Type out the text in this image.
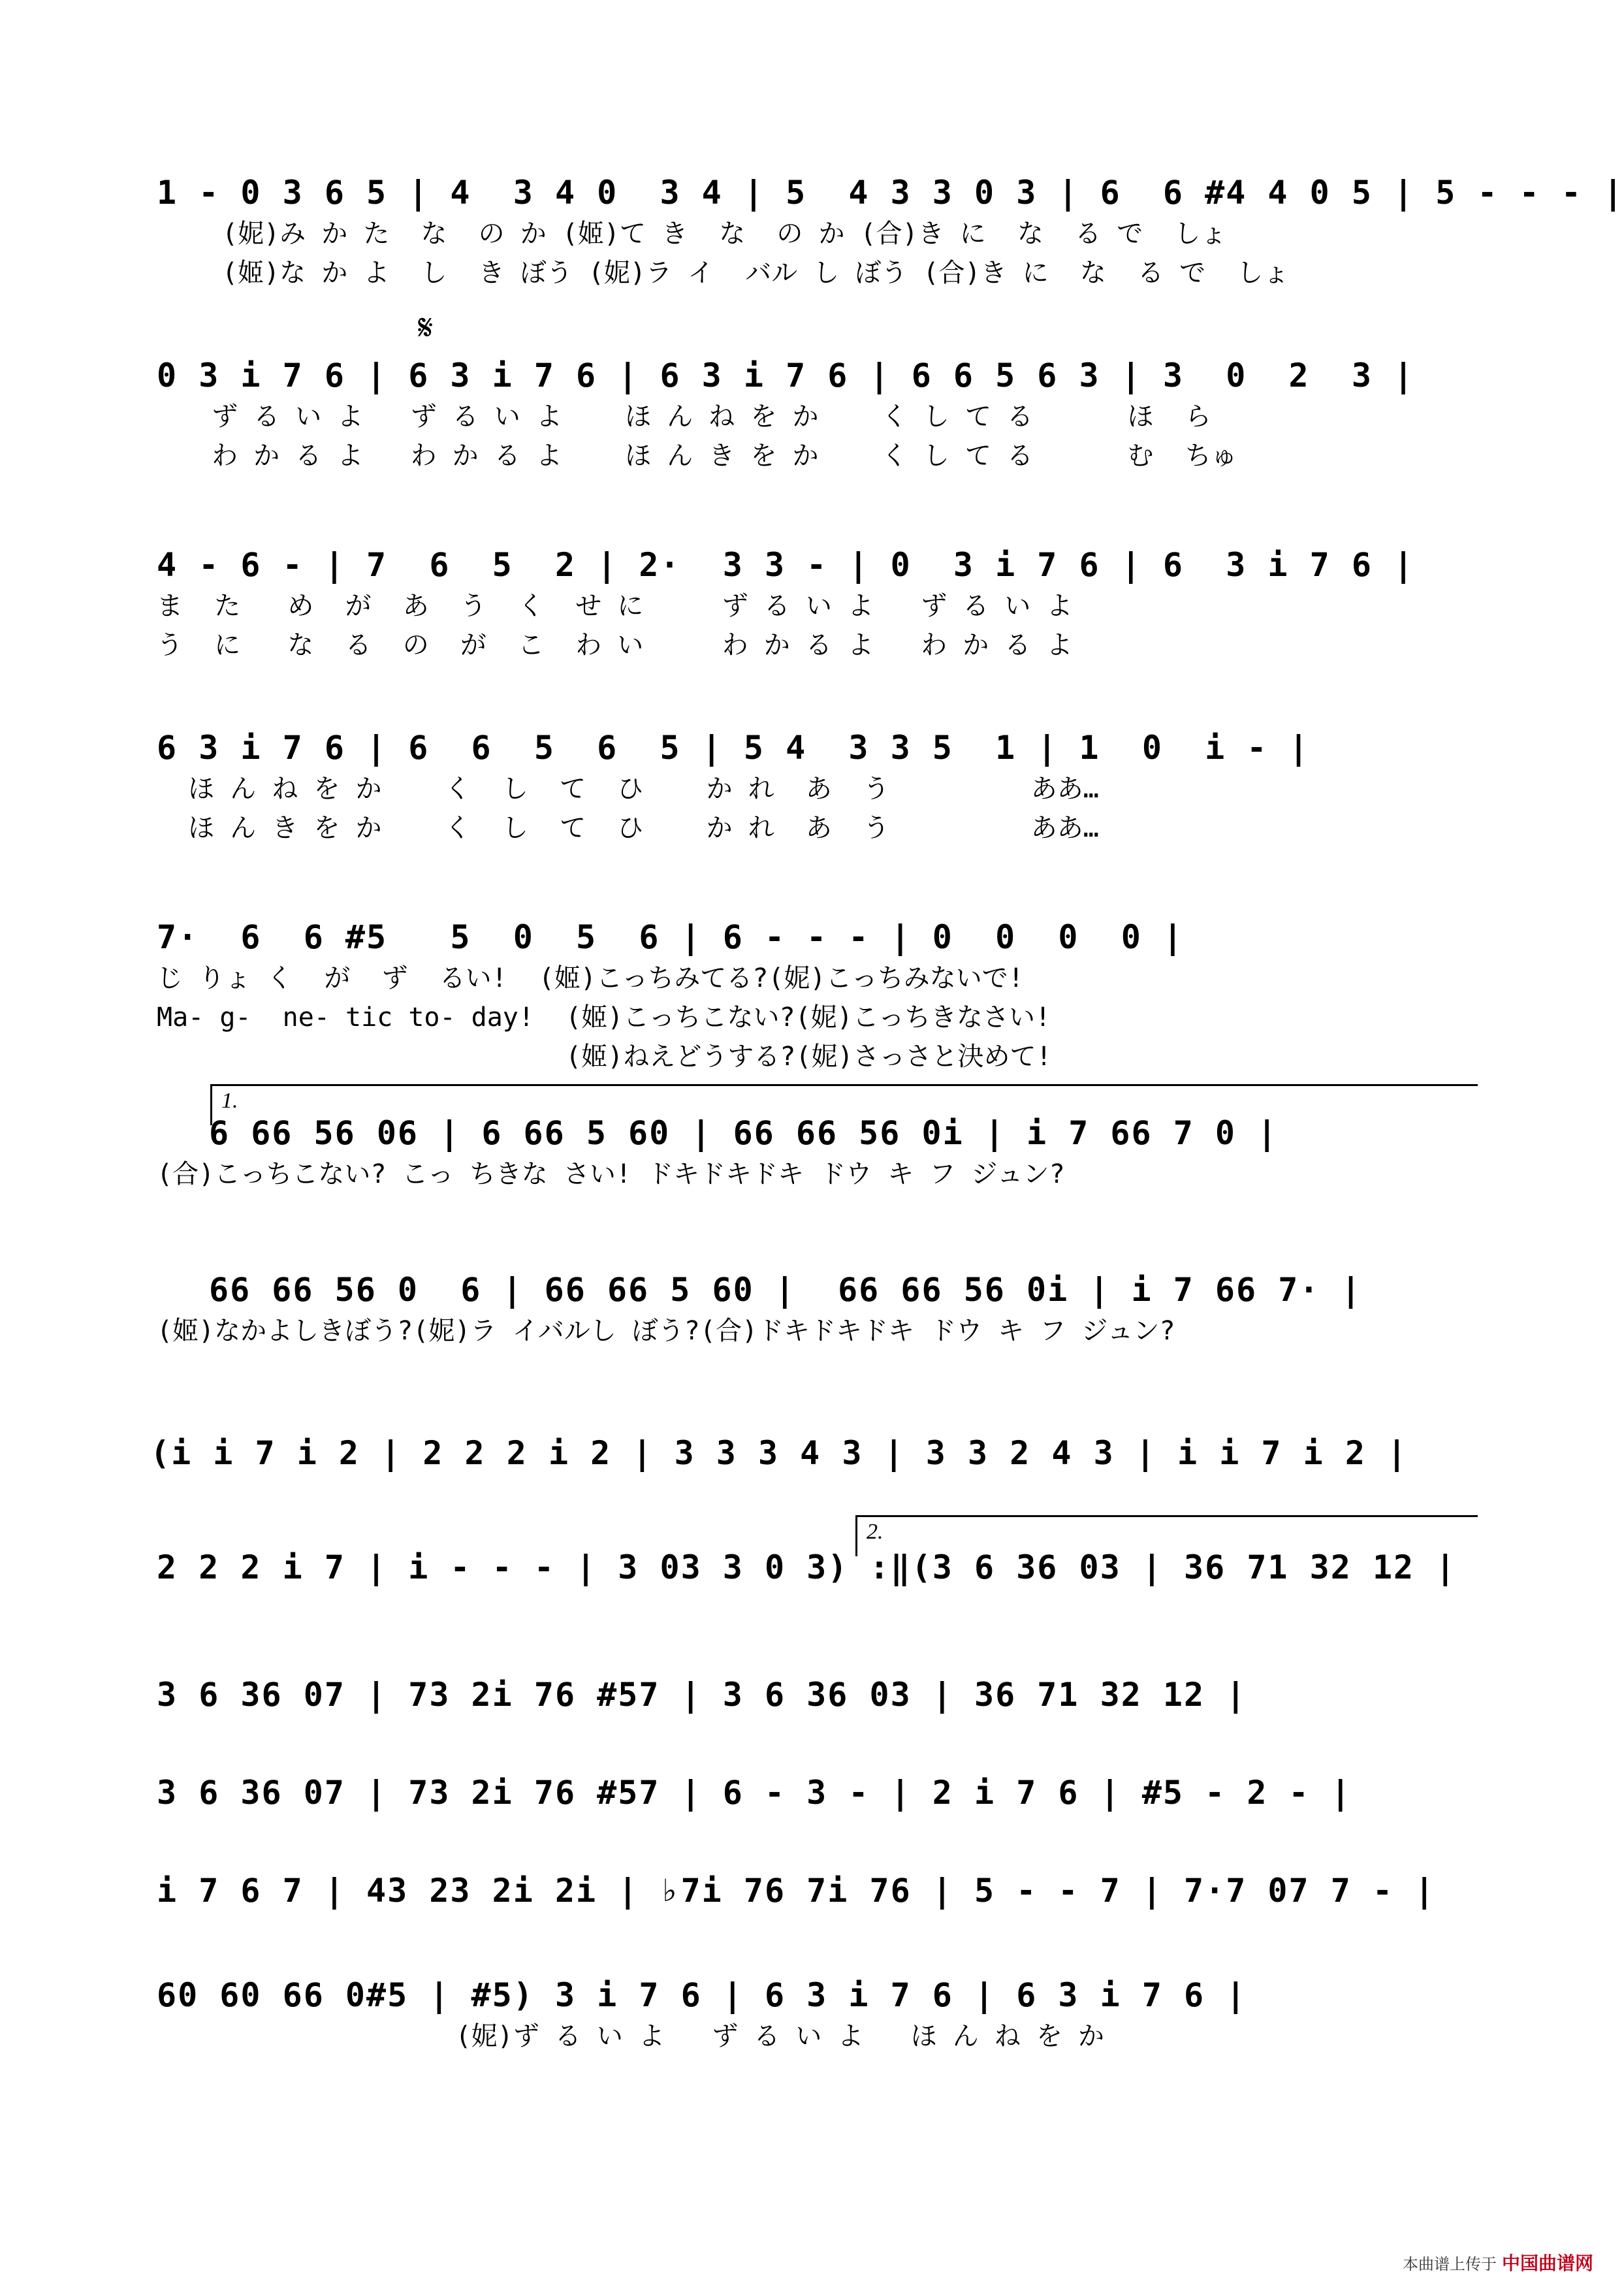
1 - 0 3 6 5 | 4  3 4 0  3 4 | 5  4 3 3 0 3 | 6  6 #4 4 0 5 | 5 - - - |
(妮)み か た  な  の か (姬)て き  な  の か (合)き に  な  る で  しょ
(姬)な か よ  し  き ぼう (妮)ラ イ  バル し ぼう (合)き に  な  る で  しょ
𝄋
0 3 i 7 6 | 6 3 i 7 6 | 6 3 i 7 6 | 6 6 5 6 3 | 3  0  2  3 |
ず る い よ   ず る い よ    ほ ん ね を か    く し て る      ほ  ら
わ か る よ   わ か る よ    ほ ん き を か    く し て る      む  ちゅ
4 - 6 - | 7  6  5  2 | 2·  3 3 - | 0  3 i 7 6 | 6  3 i 7 6 |
ま  た   め  が  あ  う  く  せ に     ず る い よ   ず る い よ
う  に   な  る  の  が  こ  わ い     わ か る よ   わ か る よ
6 3 i 7 6 | 6  6  5  6  5 | 5 4  3 3 5  1 | 1  0  i - |
ほ ん ね を か    く  し  て  ひ    か れ  あ  う         ああ…
ほ ん き を か    く  し  て  ひ    か れ  あ  う         ああ…
7·  6  6 #5   5  0  5  6 | 6 - - - | 0  0  0  0 |
じ りょ く  が  ず  るい!  (姬)こっちみてる?(妮)こっちみないで!
Ma- g-  ne- tic to- day!  (姬)こっちこない?(妮)こっちきなさい!
(姬)ねえどうする?(妮)さっさと決めて!
1.
6 66 56 06 | 6 66 5 60 | 66 66 56 0i | i 7 66 7 0 |
(合)こっちこない? こっ ちきな さい! ドキドキドキ ドウ キ フ ジュン?
66 66 56 0  6 | 66 66 5 60 |  66 66 56 0i | i 7 66 7· |
(姬)なかよしきぼう?(妮)ラ イバルし ぼう?(合)ドキドキドキ ドウ キ フ ジュン?
(i i 7 i 2 | 2 2 2 i 2 | 3 3 3 4 3 | 3 3 2 4 3 | i i 7 i 2 |
2.
2 2 2 i 7 | i - - - | 3 03 3 0 3) :‖(3 6 36 03 | 36 71 32 12 |
3 6 36 07 | 73 2i 76 #57 | 3 6 36 03 | 36 71 32 12 |
3 6 36 07 | 73 2i 76 #57 | 6 - 3 - | 2 i 7 6 | #5 - 2 - |
i 7 6 7 | 43 23 2i 2i | ♭7i 76 7i 76 | 5 - - 7 | 7·7 07 7 - |
60 60 66 0#5 | #5) 3 i 7 6 | 6 3 i 7 6 | 6 3 i 7 6 |
(妮)ず る い よ   ず る い よ   ほ ん ね を か
本曲谱上传于 中国曲谱网
